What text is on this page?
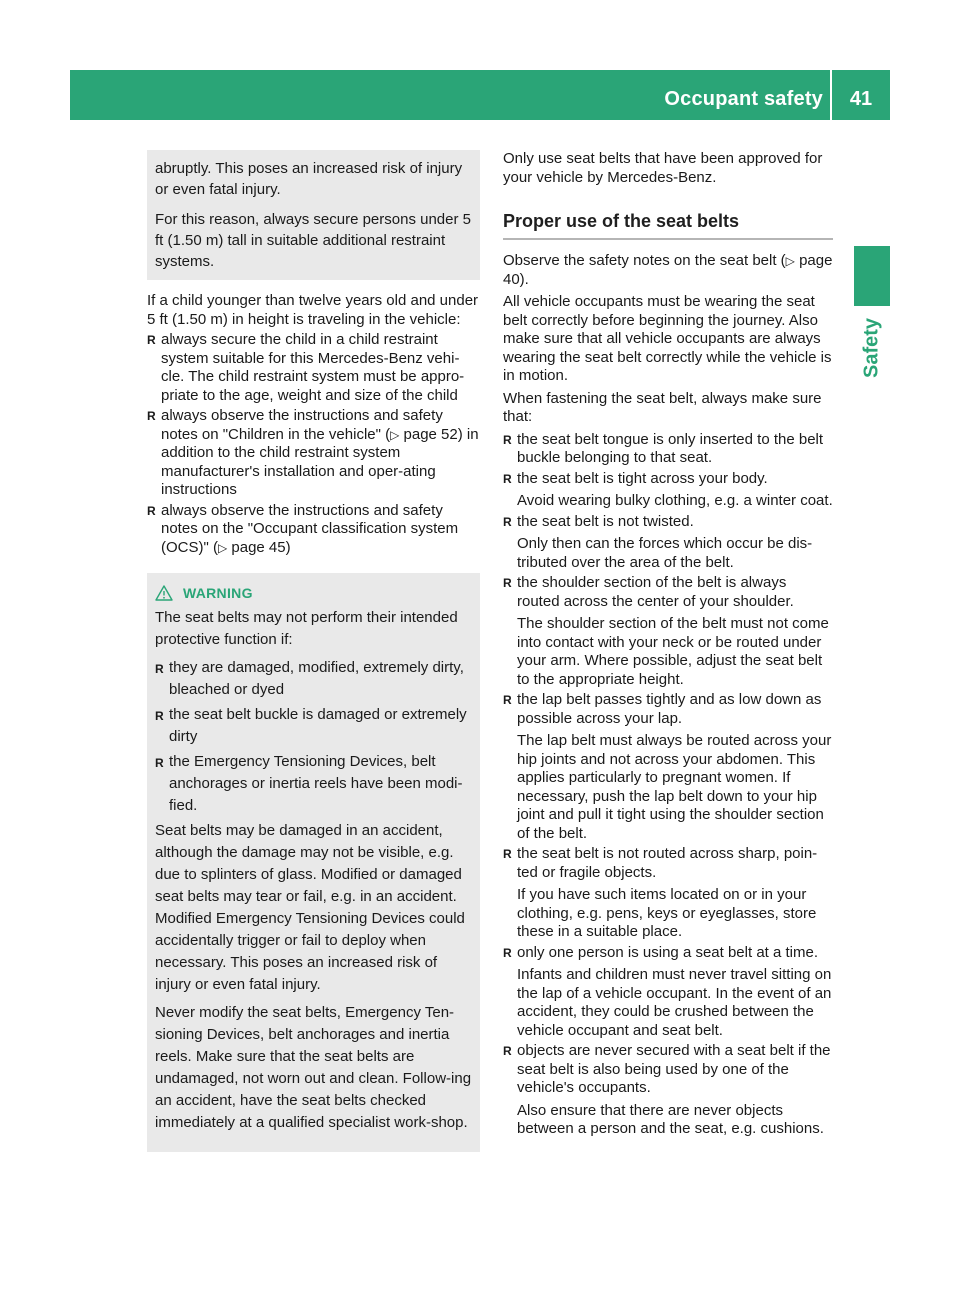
Occupant safety	41
Safety

abruptly. This poses an increased risk of injury or even fatal injury.

For this reason, always secure persons under 5 ft (1.50 m) tall in suitable additional restraint systems.

If a child younger than twelve years old and under 5 ft (1.50 m) in height is traveling in the vehicle:

R always secure the child in a child restraint system suitable for this Mercedes-Benz vehi-cle. The child restraint system must be appro-priate to the age, weight and size of the child
R always observe the instructions and safety notes on "Children in the vehicle" (▷ page 52) in addition to the child restraint system manufacturer's installation and oper-ating instructions
R always observe the instructions and safety notes on the "Occupant classification system (OCS)" (▷ page 45)
WARNING

The seat belts may not perform their intended protective function if:

R they are damaged, modified, extremely dirty, bleached or dyed
R the seat belt buckle is damaged or extremely dirty
R the Emergency Tensioning Devices, belt anchorages or inertia reels have been modi-fied.

Seat belts may be damaged in an accident, although the damage may not be visible, e.g. due to splinters of glass. Modified or damaged seat belts may tear or fail, e.g. in an accident. Modified Emergency Tensioning Devices could accidentally trigger or fail to deploy when necessary. This poses an increased risk of injury or even fatal injury.

Never modify the seat belts, Emergency Ten-sioning Devices, belt anchorages and inertia reels. Make sure that the seat belts are undamaged, not worn out and clean. Follow-ing an accident, have the seat belts checked immediately at a qualified specialist work-shop.

Only use seat belts that have been approved for your vehicle by Mercedes-Benz.

Proper use of the seat belts

Observe the safety notes on the seat belt (▷ page 40).

All vehicle occupants must be wearing the seat belt correctly before beginning the journey. Also make sure that all vehicle occupants are always wearing the seat belt correctly while the vehicle is in motion.

When fastening the seat belt, always make sure that:

R the seat belt tongue is only inserted to the belt buckle belonging to that seat.
R the seat belt is tight across your body.
Avoid wearing bulky clothing, e.g. a winter coat.
R the seat belt is not twisted.
Only then can the forces which occur be dis-tributed over the area of the belt.
R the shoulder section of the belt is always routed across the center of your shoulder.
The shoulder section of the belt must not come into contact with your neck or be routed under your arm. Where possible, adjust the seat belt to the appropriate height.
R the lap belt passes tightly and as low down as possible across your lap.
The lap belt must always be routed across your hip joints and not across your abdomen. This applies particularly to pregnant women. If necessary, push the lap belt down to your hip joint and pull it tight using the shoulder section of the belt.
R the seat belt is not routed across sharp, poin-ted or fragile objects.
If you have such items located on or in your clothing, e.g. pens, keys or eyeglasses, store these in a suitable place.
R only one person is using a seat belt at a time.
Infants and children must never travel sitting on the lap of a vehicle occupant. In the event of an accident, they could be crushed between the vehicle occupant and seat belt.
R objects are never secured with a seat belt if the seat belt is also being used by one of the vehicle's occupants.
Also ensure that there are never objects between a person and the seat, e.g. cushions.
